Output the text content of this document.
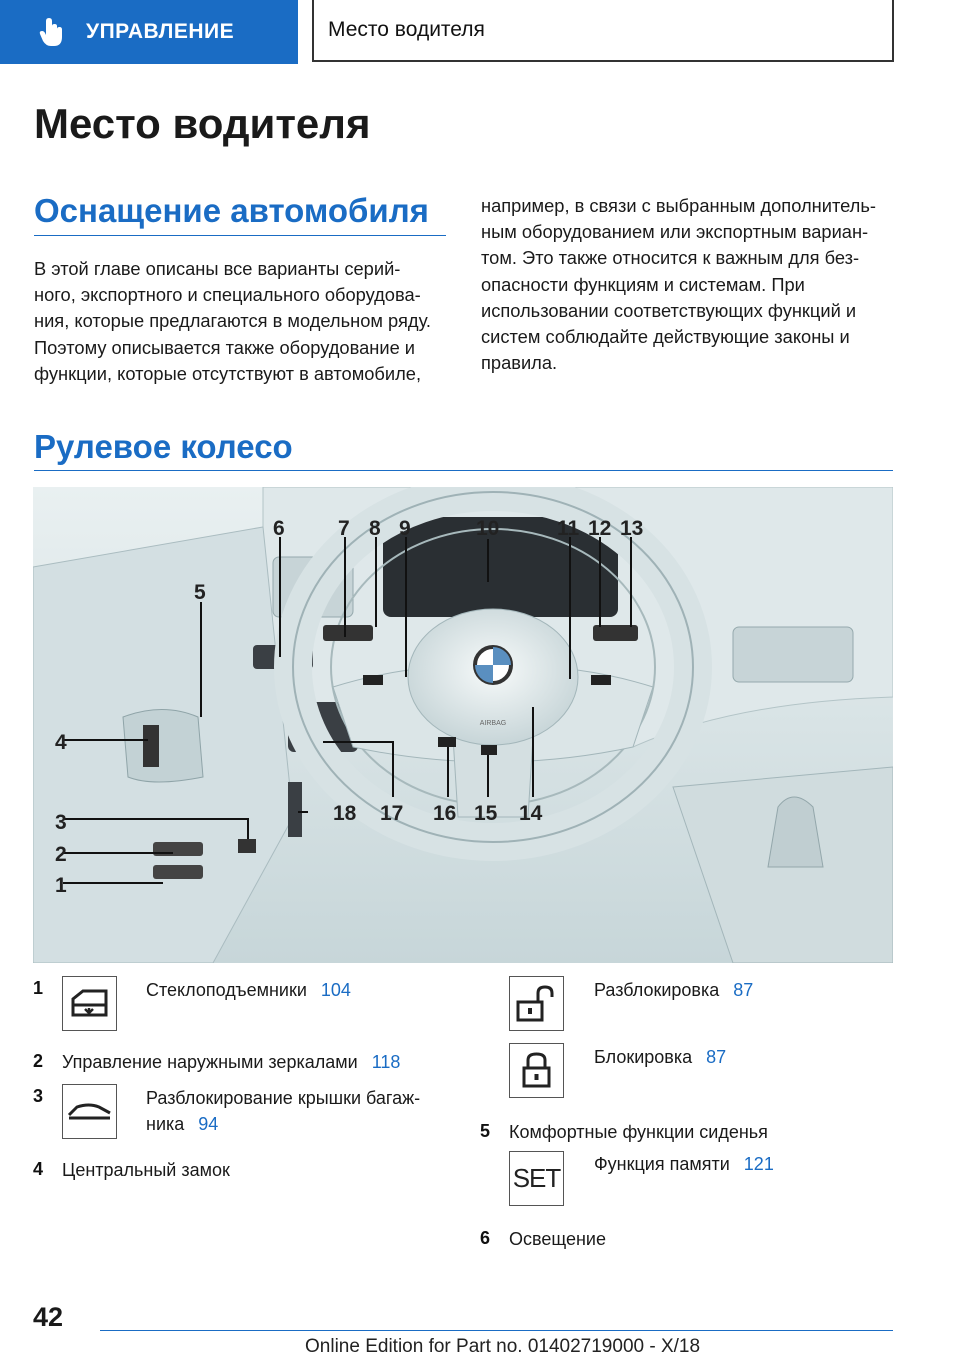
УПРАВЛЕНИЕ	Место водителя
Место водителя
Оснащение автомобиля
В этой главе описаны все варианты серий-
ного, экспортного и специального оборудова-
ния, которые предлагаются в модельном ряду.
Поэтому описывается также оборудование и
функции, которые отсутствуют в автомобиле,
например, в связи с выбранным дополнитель-
ным оборудованием или экспортным вариан-
том. Это также относится к важным для без-
опасности функциям и системам. При
использовании соответствующих функций и
систем соблюдайте действующие законы и
правила.
Рулевое колесо
AIRBAG
6	7 8 9	10	11 12 13
5
4
3
2
1
18 17 16 15 14
1	Стеклоподъемники 104
2 Управление наружными зеркалами 118
3	Разблокирование крышки багаж-
ника 94
4 Центральный замок
Разблокировка 87
Блокировка 87
5 Комфортные функции сиденья
SET Функция памяти 121
6 Освещение
42
Online Edition for Part no. 01402719000 - X/18
